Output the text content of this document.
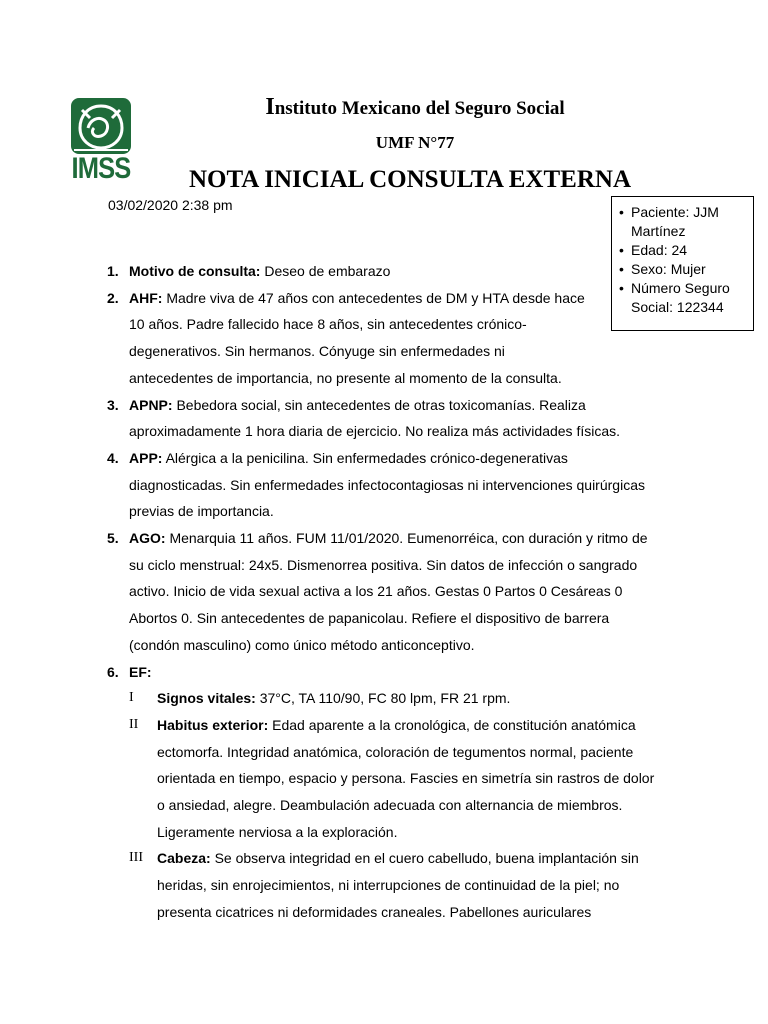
IMSS
Instituto Mexicano del Seguro Social
UMF N°77
NOTA INICIAL CONSULTA EXTERNA
03/02/2020 2:38 pm	• Paciente: JJM Martínez
• Edad: 24
• Sexo: Mujer
• Número Seguro Social: 122344
1. Motivo de consulta: Deseo de embarazo
2. AHF: Madre viva de 47 años con antecedentes de DM y HTA desde hace 10 años. Padre fallecido hace 8 años, sin antecedentes crónico-degenerativos. Sin hermanos. Cónyuge sin enfermedades ni antecedentes de importancia, no presente al momento de la consulta.
3. APNP: Bebedora social, sin antecedentes de otras toxicomanías. Realiza aproximadamente 1 hora diaria de ejercicio. No realiza más actividades físicas.
4. APP: Alérgica a la penicilina. Sin enfermedades crónico-degenerativas diagnosticadas. Sin enfermedades infectocontagiosas ni intervenciones quirúrgicas previas de importancia.
5. AGO: Menarquia 11 años. FUM 11/01/2020. Eumenorréica, con duración y ritmo de su ciclo menstrual: 24x5. Dismenorrea positiva. Sin datos de infección o sangrado activo. Inicio de vida sexual activa a los 21 años. Gestas 0 Partos 0 Cesáreas 0 Abortos 0. Sin antecedentes de papanicolau. Refiere el dispositivo de barrera (condón masculino) como único método anticonceptivo.
6. EF:
I Signos vitales: 37°C, TA 110/90, FC 80 lpm, FR 21 rpm.
II Habitus exterior: Edad aparente a la cronológica, de constitución anatómica ectomorfa. Integridad anatómica, coloración de tegumentos normal, paciente orientada en tiempo, espacio y persona. Fascies en simetría sin rastros de dolor o ansiedad, alegre. Deambulación adecuada con alternancia de miembros. Ligeramente nerviosa a la exploración.
III Cabeza: Se observa integridad en el cuero cabelludo, buena implantación sin heridas, sin enrojecimientos, ni interrupciones de continuidad de la piel; no presenta cicatrices ni deformidades craneales. Pabellones auriculares
